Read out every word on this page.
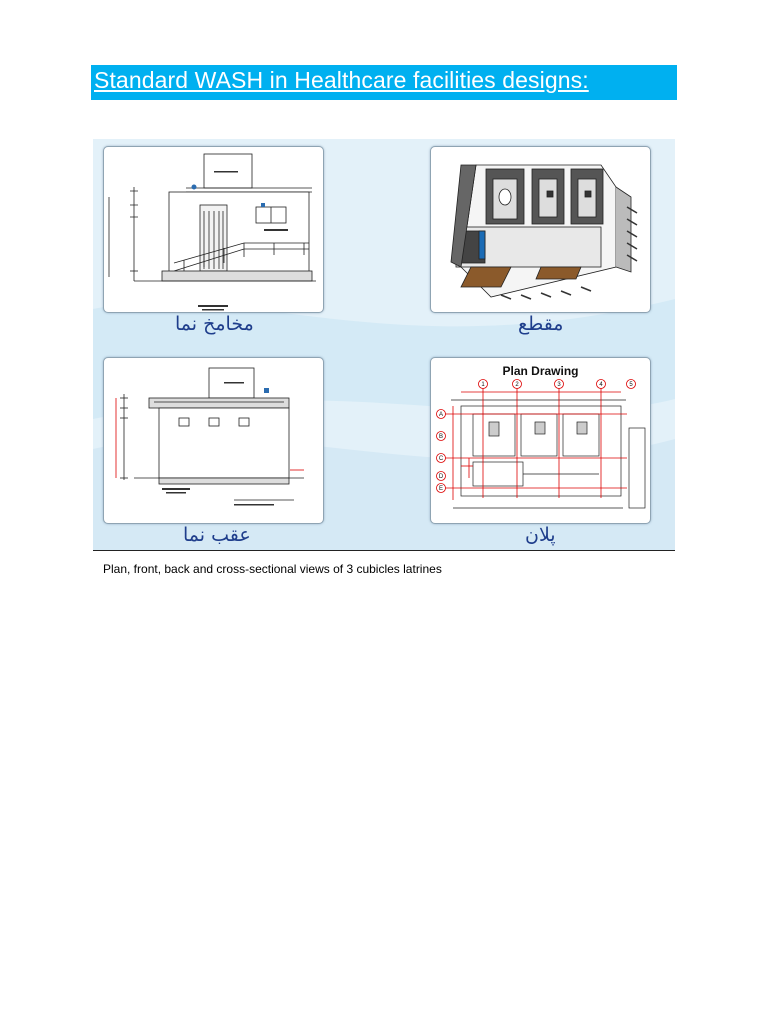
Standard WASH in Healthcare facilities designs:
مخامخ نما	مقطع
عقب نما
Plan Drawing
1	2	3	4	5
A
B
C
D
E
پلان
Plan, front, back and cross-sectional views of 3 cubicles latrines
